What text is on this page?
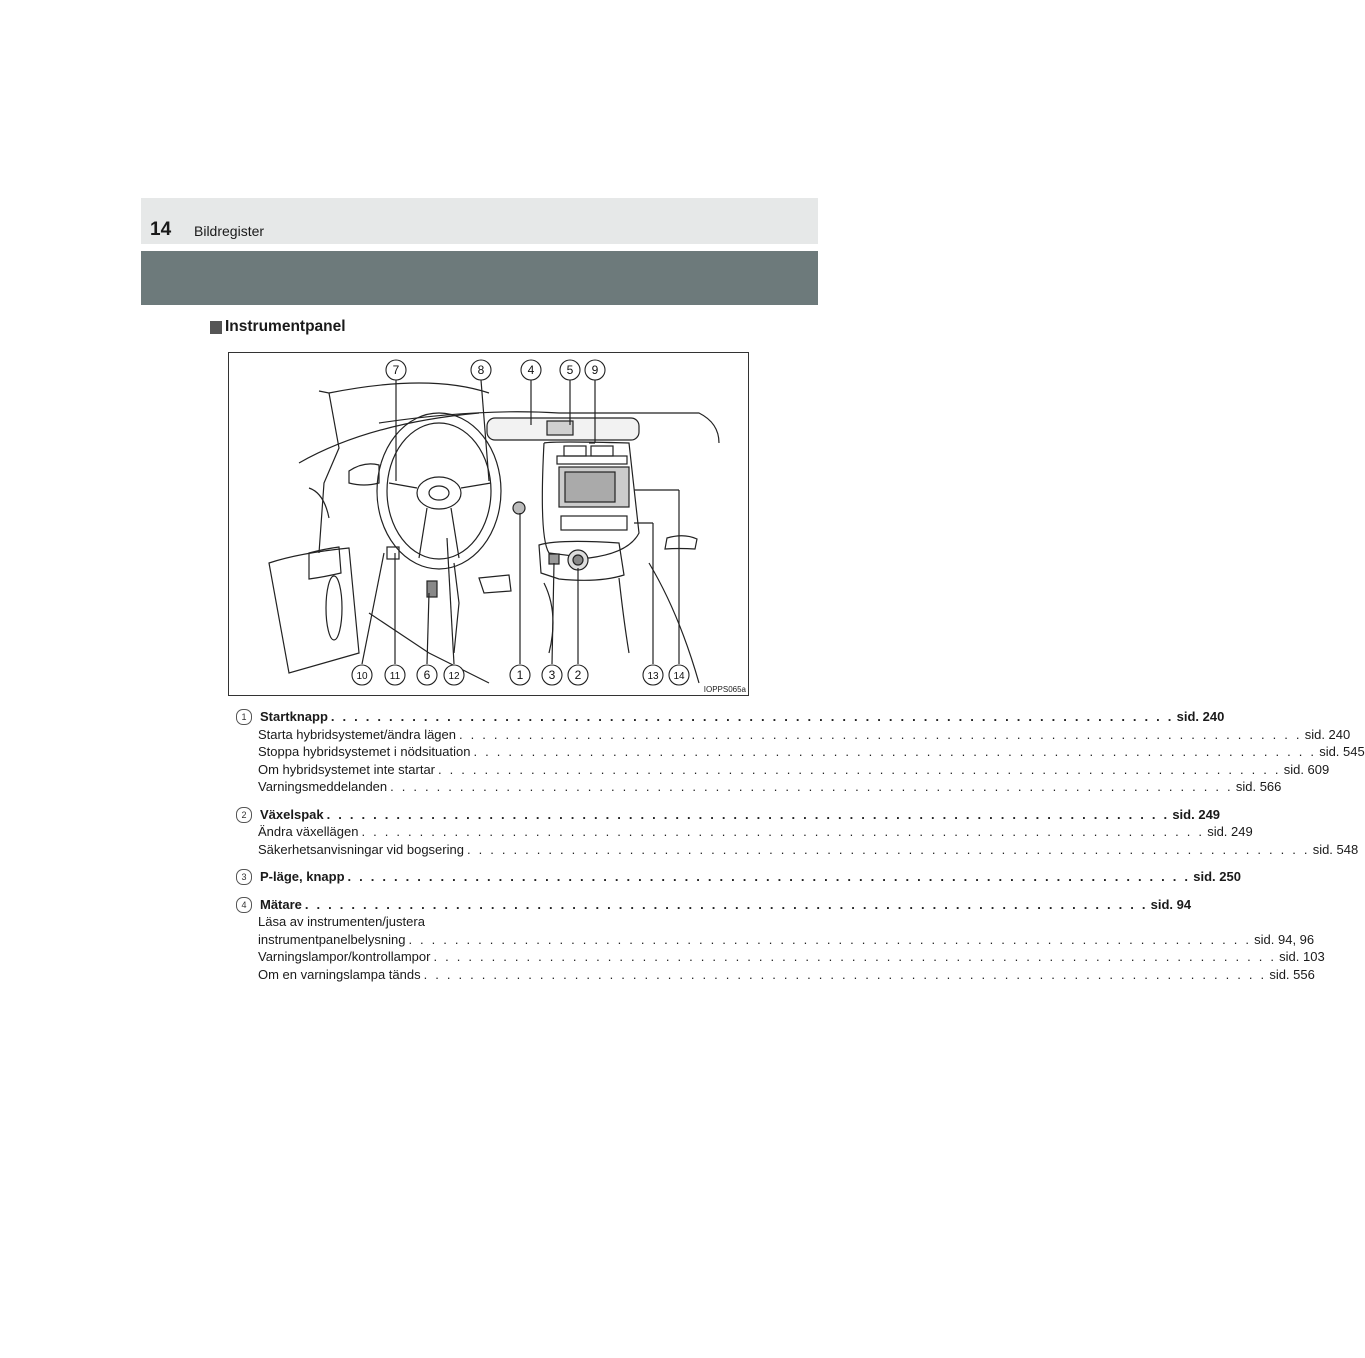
14 Bildregister
Instrumentpanel
7	8	4	5 9
10 11 6 12	1 3 2	13 14
IOPPS065a
1	Startknapp . . .	sid. 240
Starta hybridsystemet/ändra lägen . . .	sid. 240
Stoppa hybridsystemet i nödsituation . . .	sid. 545
Om hybridsystemet inte startar . . .	sid. 609
Varningsmeddelanden . . .	sid. 566
2	Växelspak . . .	sid. 249
Ändra växellägen . . .	sid. 249
Säkerhetsanvisningar vid bogsering . . .	sid. 548
3	P-läge, knapp . . .	sid. 250
4	Mätare . . .	sid. 94
Läsa av instrumenten/justera
instrumentpanelbelysning . . .	sid. 94, 96
Varningslampor/kontrollampor . . .	sid. 103
Om en varningslampa tänds . . .	sid. 556
